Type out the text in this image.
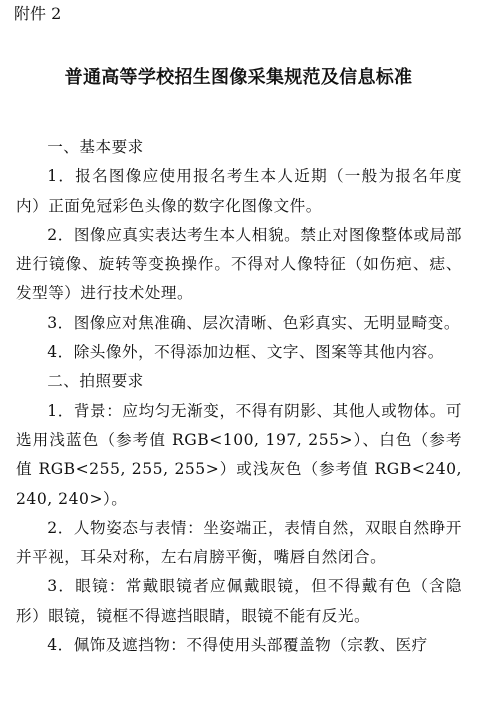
附件 2
普通高等学校招生图像采集规范及信息标准

一、基本要求

1．报名图像应使用报名考生本人近期（一般为报名年度内）正面免冠彩色头像的数字化图像文件。

2．图像应真实表达考生本人相貌。禁止对图像整体或局部进行镜像、旋转等变换操作。不得对人像特征（如伤疤、痣、发型等）进行技术处理。

3．图像应对焦准确、层次清晰、色彩真实、无明显畸变。

4．除头像外，不得添加边框、文字、图案等其他内容。

二、拍照要求

1．背景：应均匀无渐变，不得有阴影、其他人或物体。可选用浅蓝色（参考值 RGB<100, 197, 255>）、白色（参考值 RGB<255, 255, 255>）或浅灰色（参考值 RGB<240, 240, 240>）。

2．人物姿态与表情：坐姿端正，表情自然，双眼自然睁开并平视，耳朵对称，左右肩膀平衡，嘴唇自然闭合。

3．眼镜：常戴眼镜者应佩戴眼镜，但不得戴有色（含隐形）眼镜，镜框不得遮挡眼睛，眼镜不能有反光。

4．佩饰及遮挡物：不得使用头部覆盖物（宗教、医疗
